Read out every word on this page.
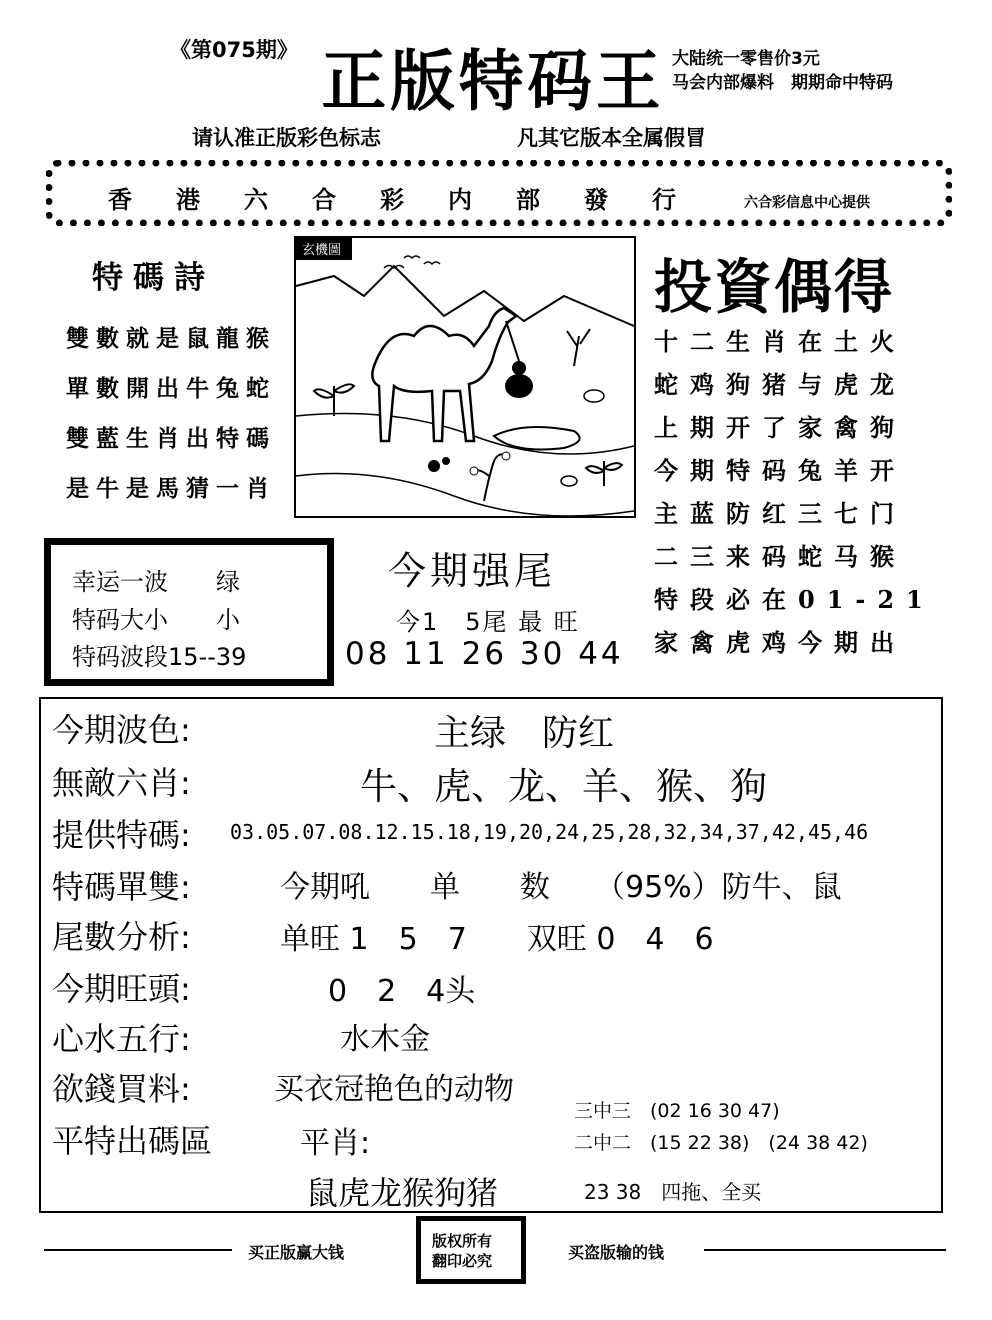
《第075期》 正版特码王 大陆统一零售价3元
马会内部爆料　期期命中特码
请认准正版彩色标志	凡其它版本全属假冒
香港六合彩内部發行 六合彩信息中心提供
特碼詩
雙數就是鼠龍猴
單數開出牛兔蛇
雙藍生肖出特碼
是牛是馬猜一肖
玄機圖
投資偶得
十二生肖在土火
蛇鸡狗猪与虎龙
上期开了家禽狗
今期特码兔羊开
主蓝防红三七门
二三来码蛇马猴
特段必在01-21
家禽虎鸡今期出
幸运一波　　绿
特码大小　　小
特码波段15--39
今期强尾
今1　5尾 最 旺
08 11 26 30 44
今期波色:	主绿　防红
無敵六肖:	牛、虎、龙、羊、猴、狗
提供特碼: 03.05.07.08.12.15.18,19,20,24,25,28,32,34,37,42,45,46
特碼單雙:	今期吼　　单　　数　　（95%）防牛、鼠
尾數分析:	单旺 1　5　7　　双旺 0　4　6
今期旺頭:	0　2　4头
心水五行:	水木金
欲錢買料:	买衣冠艳色的动物
平特出碼區	平肖:
鼠虎龙猴狗猪
三中三　(02 16 30 47)
二中二　(15 22 38)　(24 38 42)
23 38　四拖、全买
买正版赢大钱
版权所有
翻印必究	买盗版输的钱
